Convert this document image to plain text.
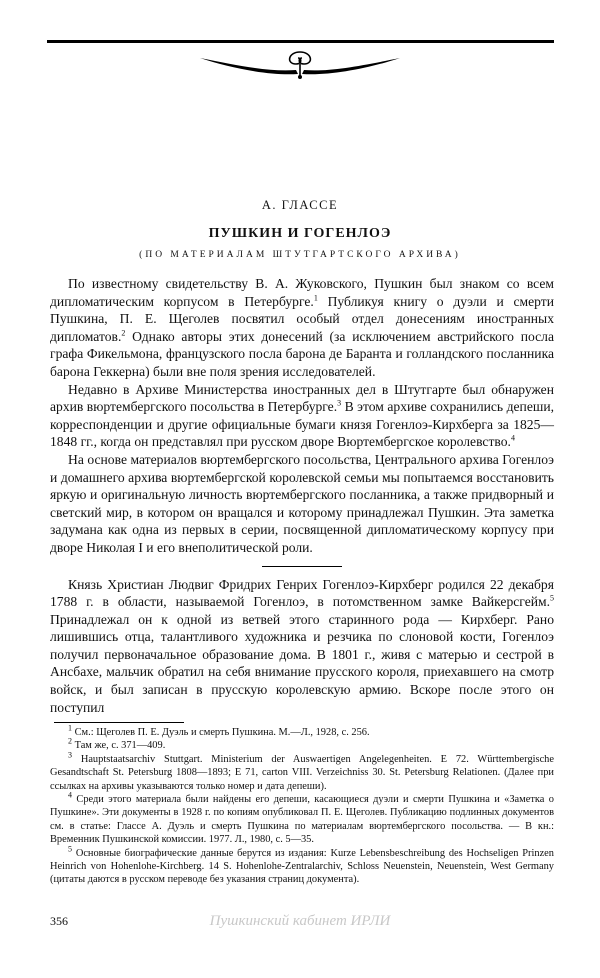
А. ГЛАССЕ
ПУШКИН И ГОГЕНЛОЭ
(ПО МАТЕРИАЛАМ ШТУТГАРТСКОГО АРХИВА)

По известному свидетельству В. А. Жуковского, Пушкин был знаком со всем дипломатическим корпусом в Петербурге.$^1$ Публикуя книгу о дуэли и смерти Пушкина, П. Е. Щеголев посвятил особый отдел донесениям иностранных дипломатов.$^2$ Однако авторы этих донесений (за исключением австрийского посла графа Фикельмона, французского посла барона де Баранта и голландского посланника барона Геккерна) были вне поля зрения исследователей.

Недавно в Архиве Министерства иностранных дел в Штутгарте был обнаружен архив вюртембергского посольства в Петербурге.$^3$ В этом архиве сохранились депеши, корреспонденции и другие официальные бумаги князя Гогенлоэ-Кирхберга за 1825—1848 гг., когда он представлял при русском дворе Вюртембергское королевство.$^4$

На основе материалов вюртембергского посольства, Центрального архива Гогенлоэ и домашнего архива вюртембергской королевской семьи мы попытаемся восстановить яркую и оригинальную личность вюртембергского посланника, а также придворный и светский мир, в котором он вращался и которому принадлежал Пушкин. Эта заметка задумана как одна из первых в серии, посвященной дипломатическому корпусу при дворе Николая I и его внеполитической роли.

Князь Христиан Людвиг Фридрих Генрих Гогенлоэ-Кирхберг родился 22 декабря 1788 г. в области, называемой Гогенлоэ, в потомственном замке Вайкерсгейм.$^5$ Принадлежал он к одной из ветвей этого старинного рода — Кирхберг. Рано лишившись отца, талантливого художника и резчика по слоновой кости, Гогенлоэ получил первоначальное образование дома. В 1801 г., живя с матерью и сестрой в Ансбахе, мальчик обратил на себя внимание прусского короля, приехавшего на смотр войск, и был записан в прусскую королевскую армию. Вскоре после этого он поступил

$^1$ См.: Щеголев П. Е. Дуэль и смерть Пушкина. М.—Л., 1928, с. 256.

$^2$ Там же, с. 371—409.

$^3$ Hauptstaatsarchiv Stuttgart. Ministerium der Auswaertigen Angelegenheiten. E 72. Württembergische Gesandtschaft St. Petersburg 1808—1893; E 71, carton VIII. Verzeichniss 30. St. Petersburg Relationen. (Далее при ссылках на архивы указываются только номер и дата депеши).

$^4$ Среди этого материала были найдены его депеши, касающиеся дуэли и смерти Пушкина и «Заметка о Пушкине». Эти документы в 1928 г. по копиям опубликовал П. Е. Щеголев. Публикацию подлинных документов см. в статье: Глассе А. Дуэль и смерть Пушкина по материалам вюртембергского посольства. — В кн.: Временник Пушкинской комиссии. 1977. Л., 1980, с. 5—35.

$^5$ Основные биографические данные берутся из издания: Kurze Lebensbeschreibung des Hochseligen Prinzen Heinrich von Hohenlohe-Kirchberg. 14 S. Hohenlohe-Zentralarchiv, Schloss Neuenstein, Neuenstein, West Germany (цитаты даются в русском переводе без указания страниц документа).

356	Пушкинский кабинет ИРЛИ
